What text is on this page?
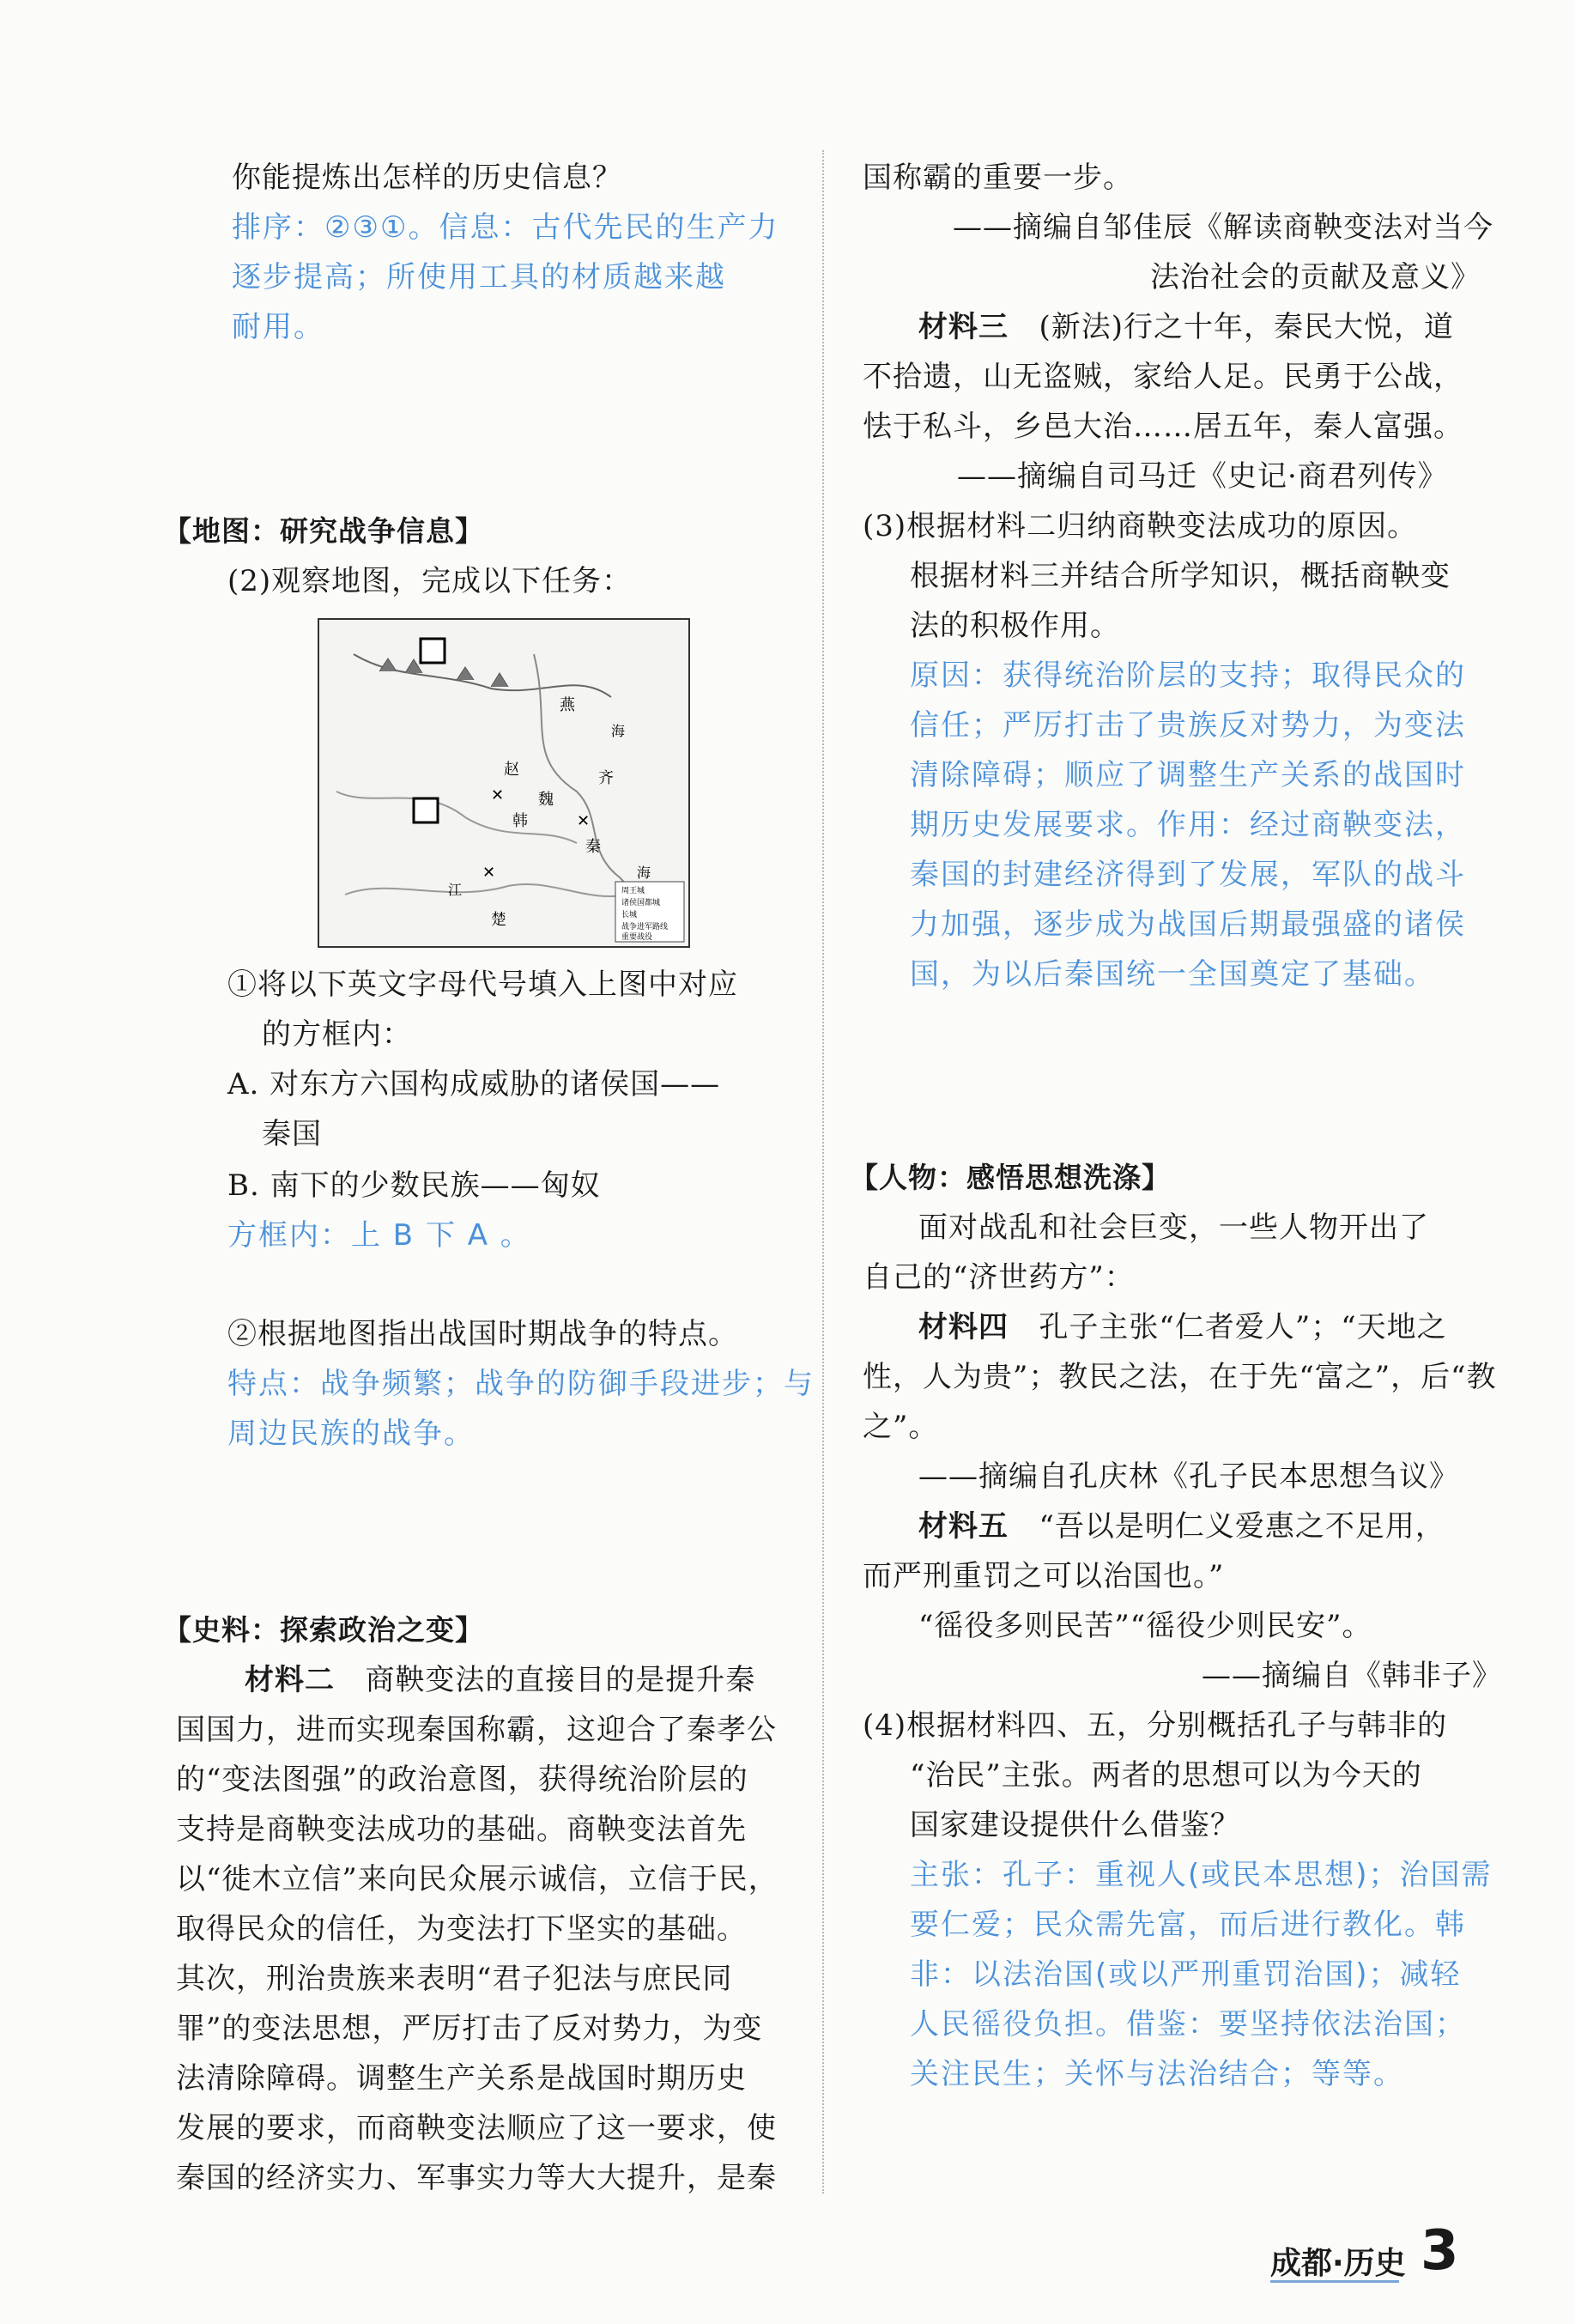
你能提炼出怎样的历史信息？
排序：②③①。信息：古代先民的生产力
逐步提高；所使用工具的材质越来越
耐用。
【地图：研究战争信息】
(2)观察地图，完成以下任务：
燕
齐
赵
秦
楚
魏
韩
海
海
江
✕
✕
✕
周王城
诸侯国都城
长城
战争进军路线
重要战役
①将以下英文字母代号填入上图中对应
的方框内：
A. 对东方六国构成威胁的诸侯国——
秦国
B. 南下的少数民族——匈奴
方框内：上 B 下 A 。
②根据地图指出战国时期战争的特点。
特点：战争频繁；战争的防御手段进步；与
周边民族的战争。
【史料：探索政治之变】
材料二 商鞅变法的直接目的是提升秦
国国力，进而实现秦国称霸，这迎合了秦孝公
的“变法图强”的政治意图，获得统治阶层的
支持是商鞅变法成功的基础。商鞅变法首先
以“徙木立信”来向民众展示诚信，立信于民，
取得民众的信任，为变法打下坚实的基础。
其次，刑治贵族来表明“君子犯法与庶民同
罪”的变法思想，严厉打击了反对势力，为变
法清除障碍。调整生产关系是战国时期历史
发展的要求，而商鞅变法顺应了这一要求，使
秦国的经济实力、军事实力等大大提升，是秦
国称霸的重要一步。
——摘编自邹佳辰《解读商鞅变法对当今
法治社会的贡献及意义》
材料三 (新法)行之十年，秦民大悦，道
不拾遗，山无盗贼，家给人足。民勇于公战，
怯于私斗，乡邑大治……居五年，秦人富强。
——摘编自司马迁《史记·商君列传》
(3)根据材料二归纳商鞅变法成功的原因。
根据材料三并结合所学知识，概括商鞅变
法的积极作用。
原因：获得统治阶层的支持；取得民众的
信任；严厉打击了贵族反对势力，为变法
清除障碍；顺应了调整生产关系的战国时
期历史发展要求。作用：经过商鞅变法，
秦国的封建经济得到了发展，军队的战斗
力加强，逐步成为战国后期最强盛的诸侯
国，为以后秦国统一全国奠定了基础。
【人物：感悟思想洗涤】
面对战乱和社会巨变，一些人物开出了
自己的“济世药方”：
材料四 孔子主张“仁者爱人”；“天地之
性，人为贵”；教民之法，在于先“富之”，后“教
之”。
——摘编自孔庆林《孔子民本思想刍议》
材料五 “吾以是明仁义爱惠之不足用，
而严刑重罚之可以治国也。”
“徭役多则民苦”“徭役少则民安”。
——摘编自《韩非子》
(4)根据材料四、五，分别概括孔子与韩非的
“治民”主张。两者的思想可以为今天的
国家建设提供什么借鉴？
主张：孔子：重视人(或民本思想)；治国需
要仁爱；民众需先富，而后进行教化。韩
非：以法治国(或以严刑重罚治国)；减轻
人民徭役负担。借鉴：要坚持依法治国；
关注民生；关怀与法治结合；等等。
成都·历史 3
